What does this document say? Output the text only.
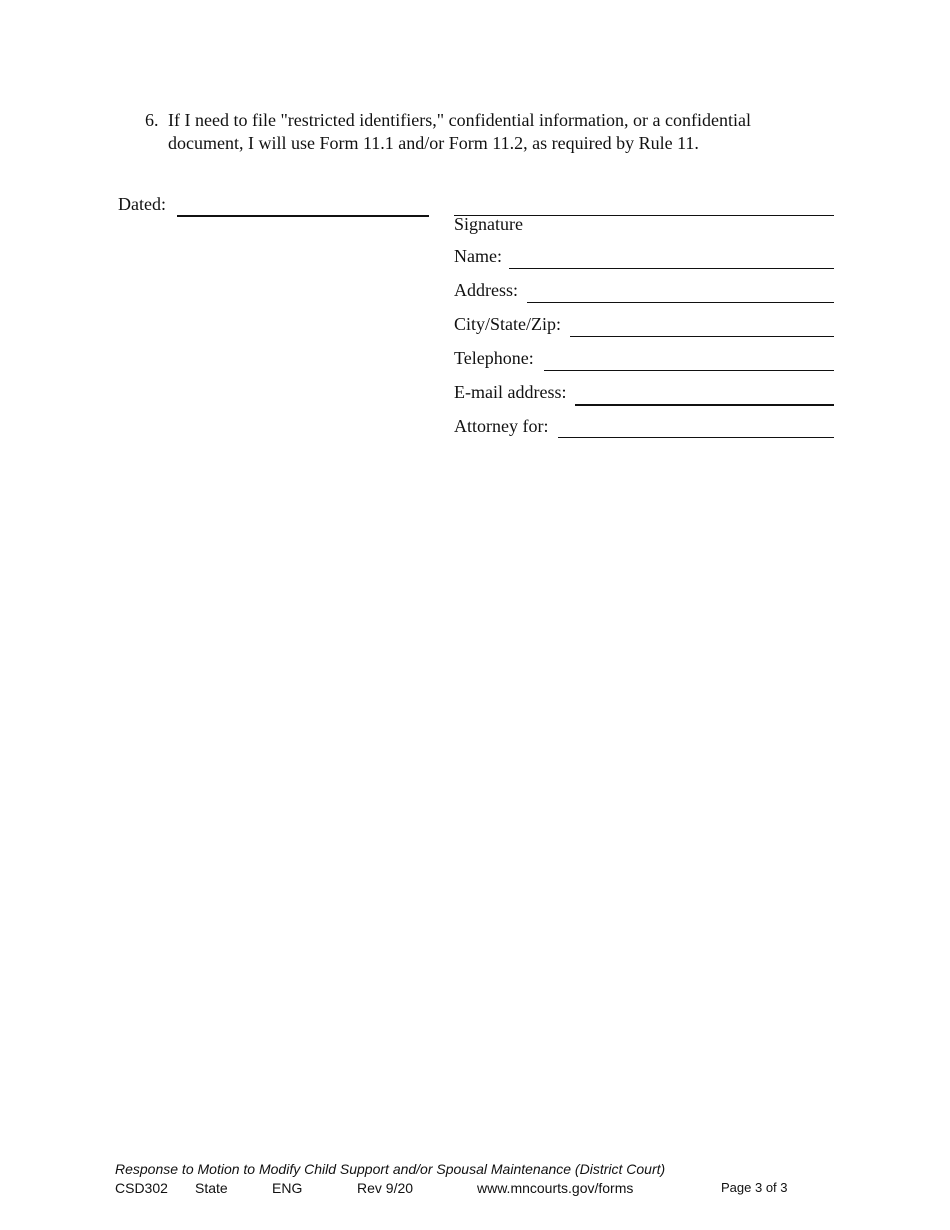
6. If I need to file "restricted identifiers," confidential information, or a confidential
document, I will use Form 11.1 and/or Form 11.2, as required by Rule 11.
Dated:
Signature
Name:
Address:
City/State/Zip:
Telephone:
E-mail address:
Attorney for:
Response to Motion to Modify Child Support and/or Spousal Maintenance (District Court)
CSD302 State	ENG	Rev 9/20	www.mncourts.gov/forms	Page 3 of 3
